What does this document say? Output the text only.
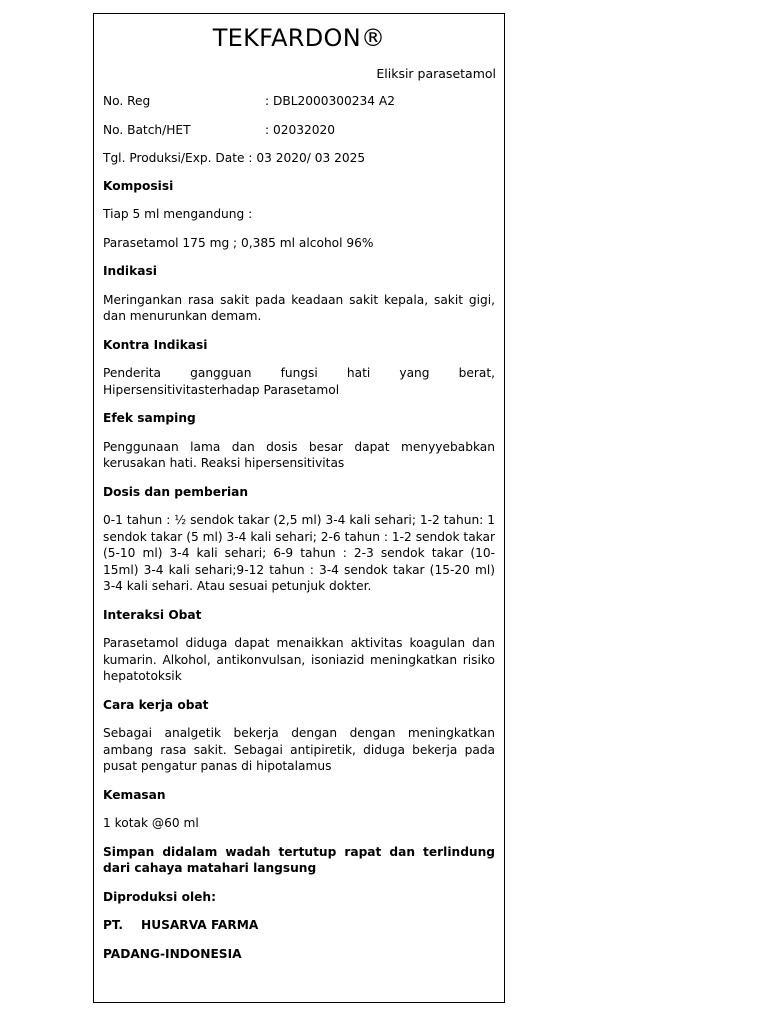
TEKFARDON®
Eliksir parasetamol
No. Reg	: DBL2000300234 A2
No. Batch/HET	: 02032020
Tgl. Produksi/Exp. Date : 03 2020/ 03 2025
Komposisi
Tiap 5 ml mengandung :
Parasetamol 175 mg ; 0,385 ml alcohol 96%
Indikasi
Meringankan rasa sakit pada keadaan sakit kepala, sakit gigi, dan menurunkan demam.
Kontra Indikasi
Penderita gangguan fungsi hati yang berat, Hipersensitivitasterhadap Parasetamol
Efek samping
Penggunaan lama dan dosis besar dapat menyyebabkan kerusakan hati. Reaksi hipersensitivitas
Dosis dan pemberian
0-1 tahun : ½ sendok takar (2,5 ml) 3-4 kali sehari; 1-2 tahun: 1 sendok takar (5 ml) 3-4 kali sehari; 2-6 tahun : 1-2 sendok takar (5-10 ml) 3-4 kali sehari; 6-9 tahun : 2-3 sendok takar (10-15ml) 3-4 kali sehari;9-12 tahun : 3-4 sendok takar (15-20 ml) 3-4 kali sehari. Atau sesuai petunjuk dokter.
Interaksi Obat
Parasetamol diduga dapat menaikkan aktivitas koagulan dan kumarin. Alkohol, antikonvulsan, isoniazid meningkatkan risiko hepatotoksik
Cara kerja obat
Sebagai analgetik bekerja dengan dengan meningkatkan ambang rasa sakit. Sebagai antipiretik, diduga bekerja pada pusat pengatur panas di hipotalamus
Kemasan
1 kotak @60 ml
Simpan didalam wadah tertutup rapat dan terlindung dari cahaya matahari langsung
Diproduksi oleh:
PT. HUSARVA FARMA
PADANG-INDONESIA
